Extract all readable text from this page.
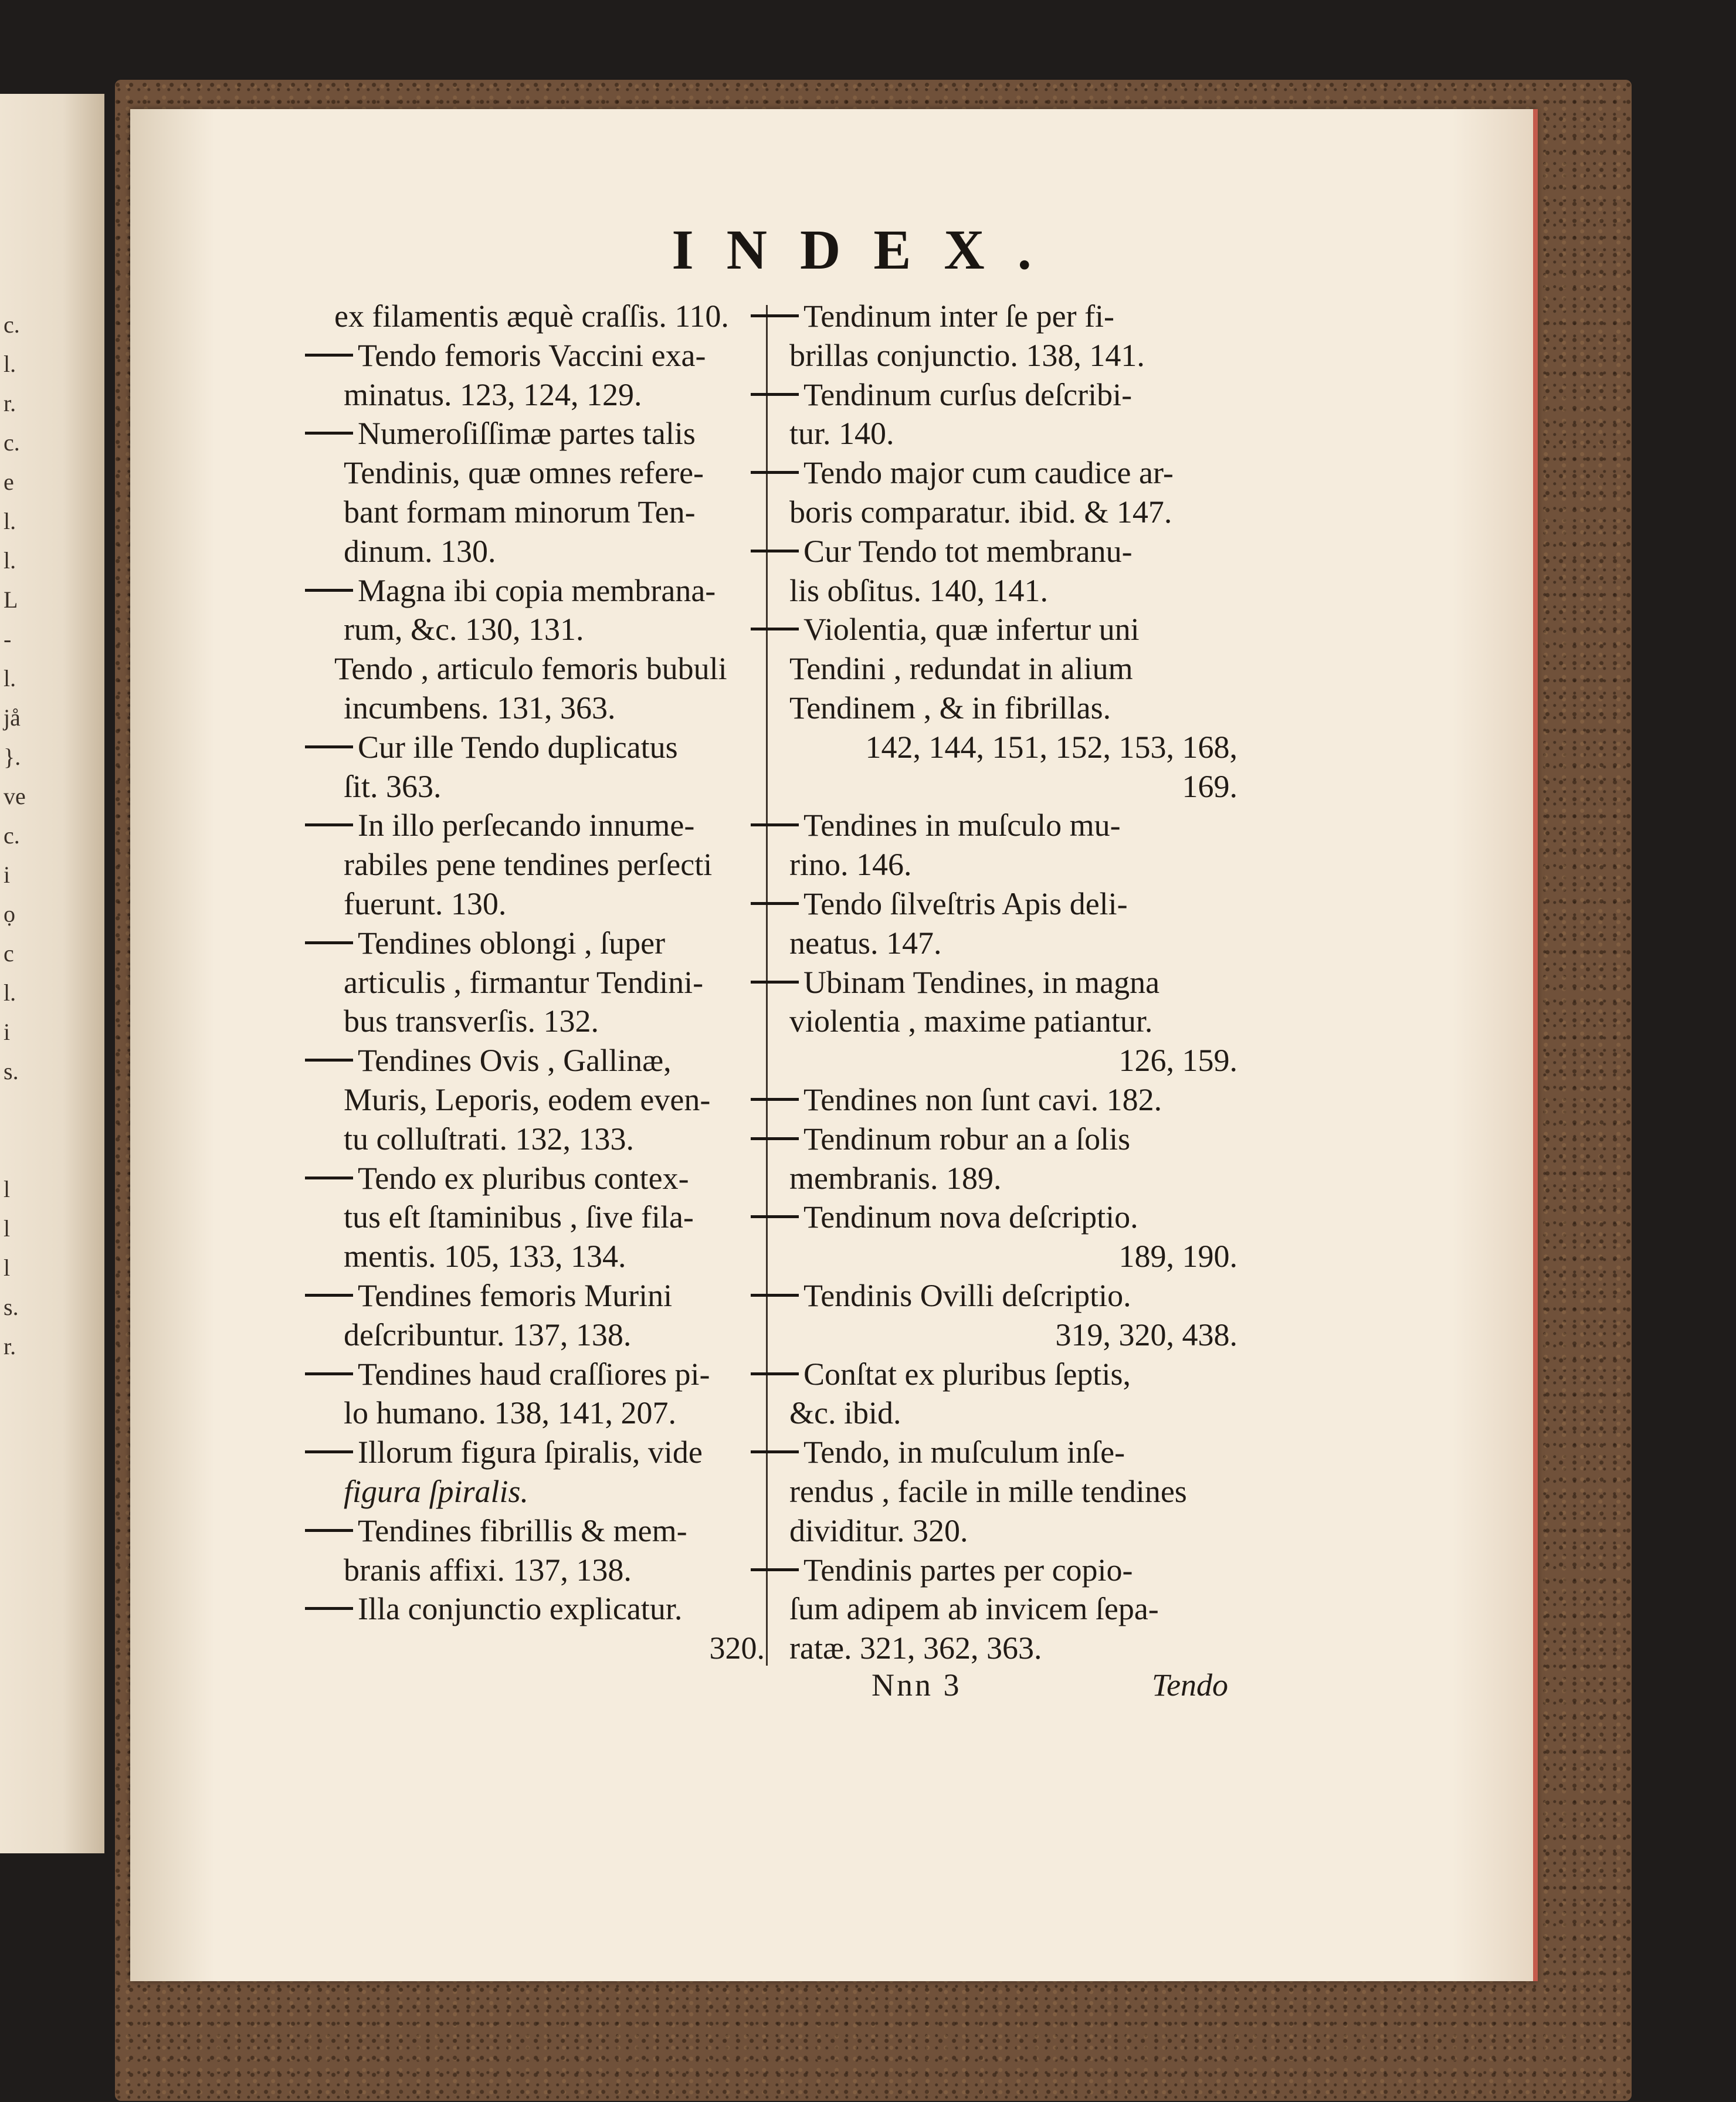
c.
l.
r.
c.
e
l.
l.
L
-
l.
jå
}.
ve
c.
i
ọ
c
l.
i
s.
l
l
l
s.
r.
INDEX.
ex filamentis æquè craſſis. 110.
Tendo femoris Vaccini exa-
minatus. 123, 124, 129.
Numeroſiſſimæ partes talis
Tendinis, quæ omnes refere-
bant formam minorum Ten-
dinum. 130.
Magna ibi copia membrana-
rum, &c. 130, 131.
Tendo , articulo femoris bubuli
incumbens. 131, 363.
Cur ille Tendo duplicatus
ſit. 363.
In illo perſecando innume-
rabiles pene tendines perſecti
fuerunt. 130.
Tendines oblongi , ſuper
articulis , firmantur Tendini-
bus transverſis. 132.
Tendines Ovis , Gallinæ,
Muris, Leporis, eodem even-
tu colluſtrati. 132, 133.
Tendo ex pluribus contex-
tus eſt ſtaminibus , ſive fila-
mentis. 105, 133, 134.
Tendines femoris Murini
deſcribuntur. 137, 138.
Tendines haud craſſiores pi-
lo humano. 138, 141, 207.
Illorum figura ſpiralis, vide
figura ſpiralis.
Tendines fibrillis & mem-
branis affixi. 137, 138.
Illa conjunctio explicatur.
320.
Tendinum inter ſe per fi-
brillas conjunctio. 138, 141.
Tendinum curſus deſcribi-
tur. 140.
Tendo major cum caudice ar-
boris comparatur. ibid. & 147.
Cur Tendo tot membranu-
lis obſitus. 140, 141.
Violentia, quæ infertur uni
Tendini , redundat in alium
Tendinem , & in fibrillas.
142, 144, 151, 152, 153, 168,
169.
Tendines in muſculo mu-
rino. 146.
Tendo ſilveſtris Apis deli-
neatus. 147.
Ubinam Tendines, in magna
violentia , maxime patiantur.
126, 159.
Tendines non ſunt cavi. 182.
Tendinum robur an a ſolis
membranis. 189.
Tendinum nova deſcriptio.
189, 190.
Tendinis Ovilli deſcriptio.
319, 320, 438.
Conſtat ex pluribus ſeptis,
&c. ibid.
Tendo, in muſculum inſe-
rendus , facile in mille tendines
dividitur. 320.
Tendinis partes per copio-
ſum adipem ab invicem ſepa-
ratæ. 321, 362, 363.
Nnn 3	Tendo
